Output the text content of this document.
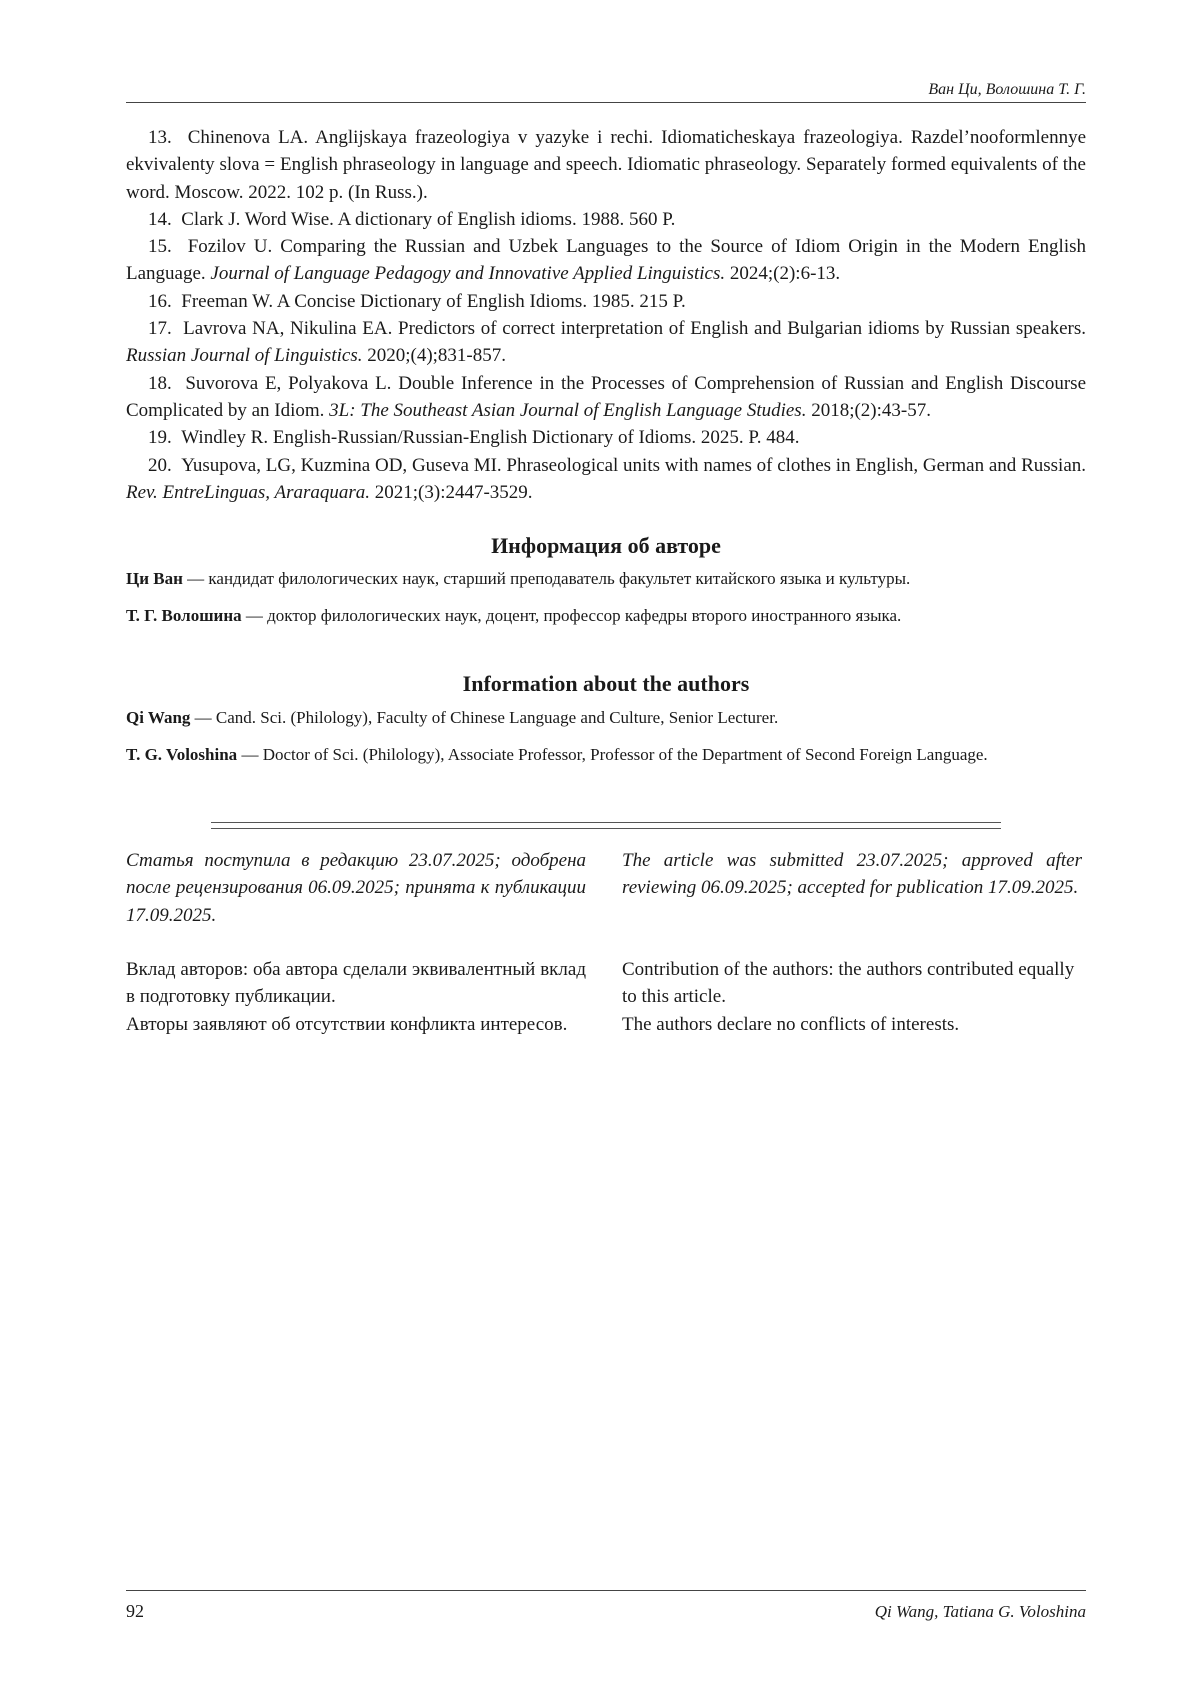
Ван Ци, Волошина Т. Г.

13. Chinenova LA. Anglijskaya frazeologiya v yazyke i rechi. Idiomaticheskaya frazeologiya. Razdel’nooformlennye ekvivalenty slova = English phraseology in language and speech. Idiomatic phraseology. Separately formed equivalents of the word. Moscow. 2022. 102 p. (In Russ.).

14. Clark J. Word Wise. A dictionary of English idioms. 1988. 560 P.

15. Fozilov U. Comparing the Russian and Uzbek Languages to the Source of Idiom Origin in the Modern English Language. Journal of Language Pedagogy and Innovative Applied Linguistics. 2024;(2):6-13.

16. Freeman W. A Concise Dictionary of English Idioms. 1985. 215 P.

17. Lavrova NA, Nikulina EA. Predictors of correct interpretation of English and Bulgarian idioms by Russian speakers. Russian Journal of Linguistics. 2020;(4);831-857.

18. Suvorova E, Polyakova L. Double Inference in the Processes of Comprehension of Russian and English Discourse Complicated by an Idiom. 3L: The Southeast Asian Journal of English Language Studies. 2018;(2):43-57.

19. Windley R. English-Russian/Russian-English Dictionary of Idioms. 2025. P. 484.

20. Yusupova, LG, Kuzmina OD, Guseva MI. Phraseological units with names of clothes in English, German and Russian. Rev. EntreLinguas, Araraquara. 2021;(3):2447-3529.

Информация об авторе

Ци Ван — кандидат филологических наук, старший преподаватель факультет китайского языка и культуры.

Т. Г. Волошина — доктор филологических наук, доцент, профессор кафедры второго иностранного языка.

Information about the authors

Qi Wang — Cand. Sci. (Philology), Faculty of Chinese Language and Culture, Senior Lecturer.

T. G. Voloshina — Doctor of Sci. (Philology), Associate Professor, Professor of the Department of Second Foreign Language.

Статья поступила в редакцию 23.07.2025; одобрена после рецензирования 06.09.2025; принята к публикации 17.09.2025.

The article was submitted 23.07.2025; approved after reviewing 06.09.2025; accepted for publication 17.09.2025.

Вклад авторов: оба автора сделали эквивалентный вклад в подготовку публикации.

Авторы заявляют об отсутствии конфликта интересов.

Contribution of the authors: the authors contributed equally to this article.

The authors declare no conflicts of interests.

92	Qi Wang, Tatiana G. Voloshina
